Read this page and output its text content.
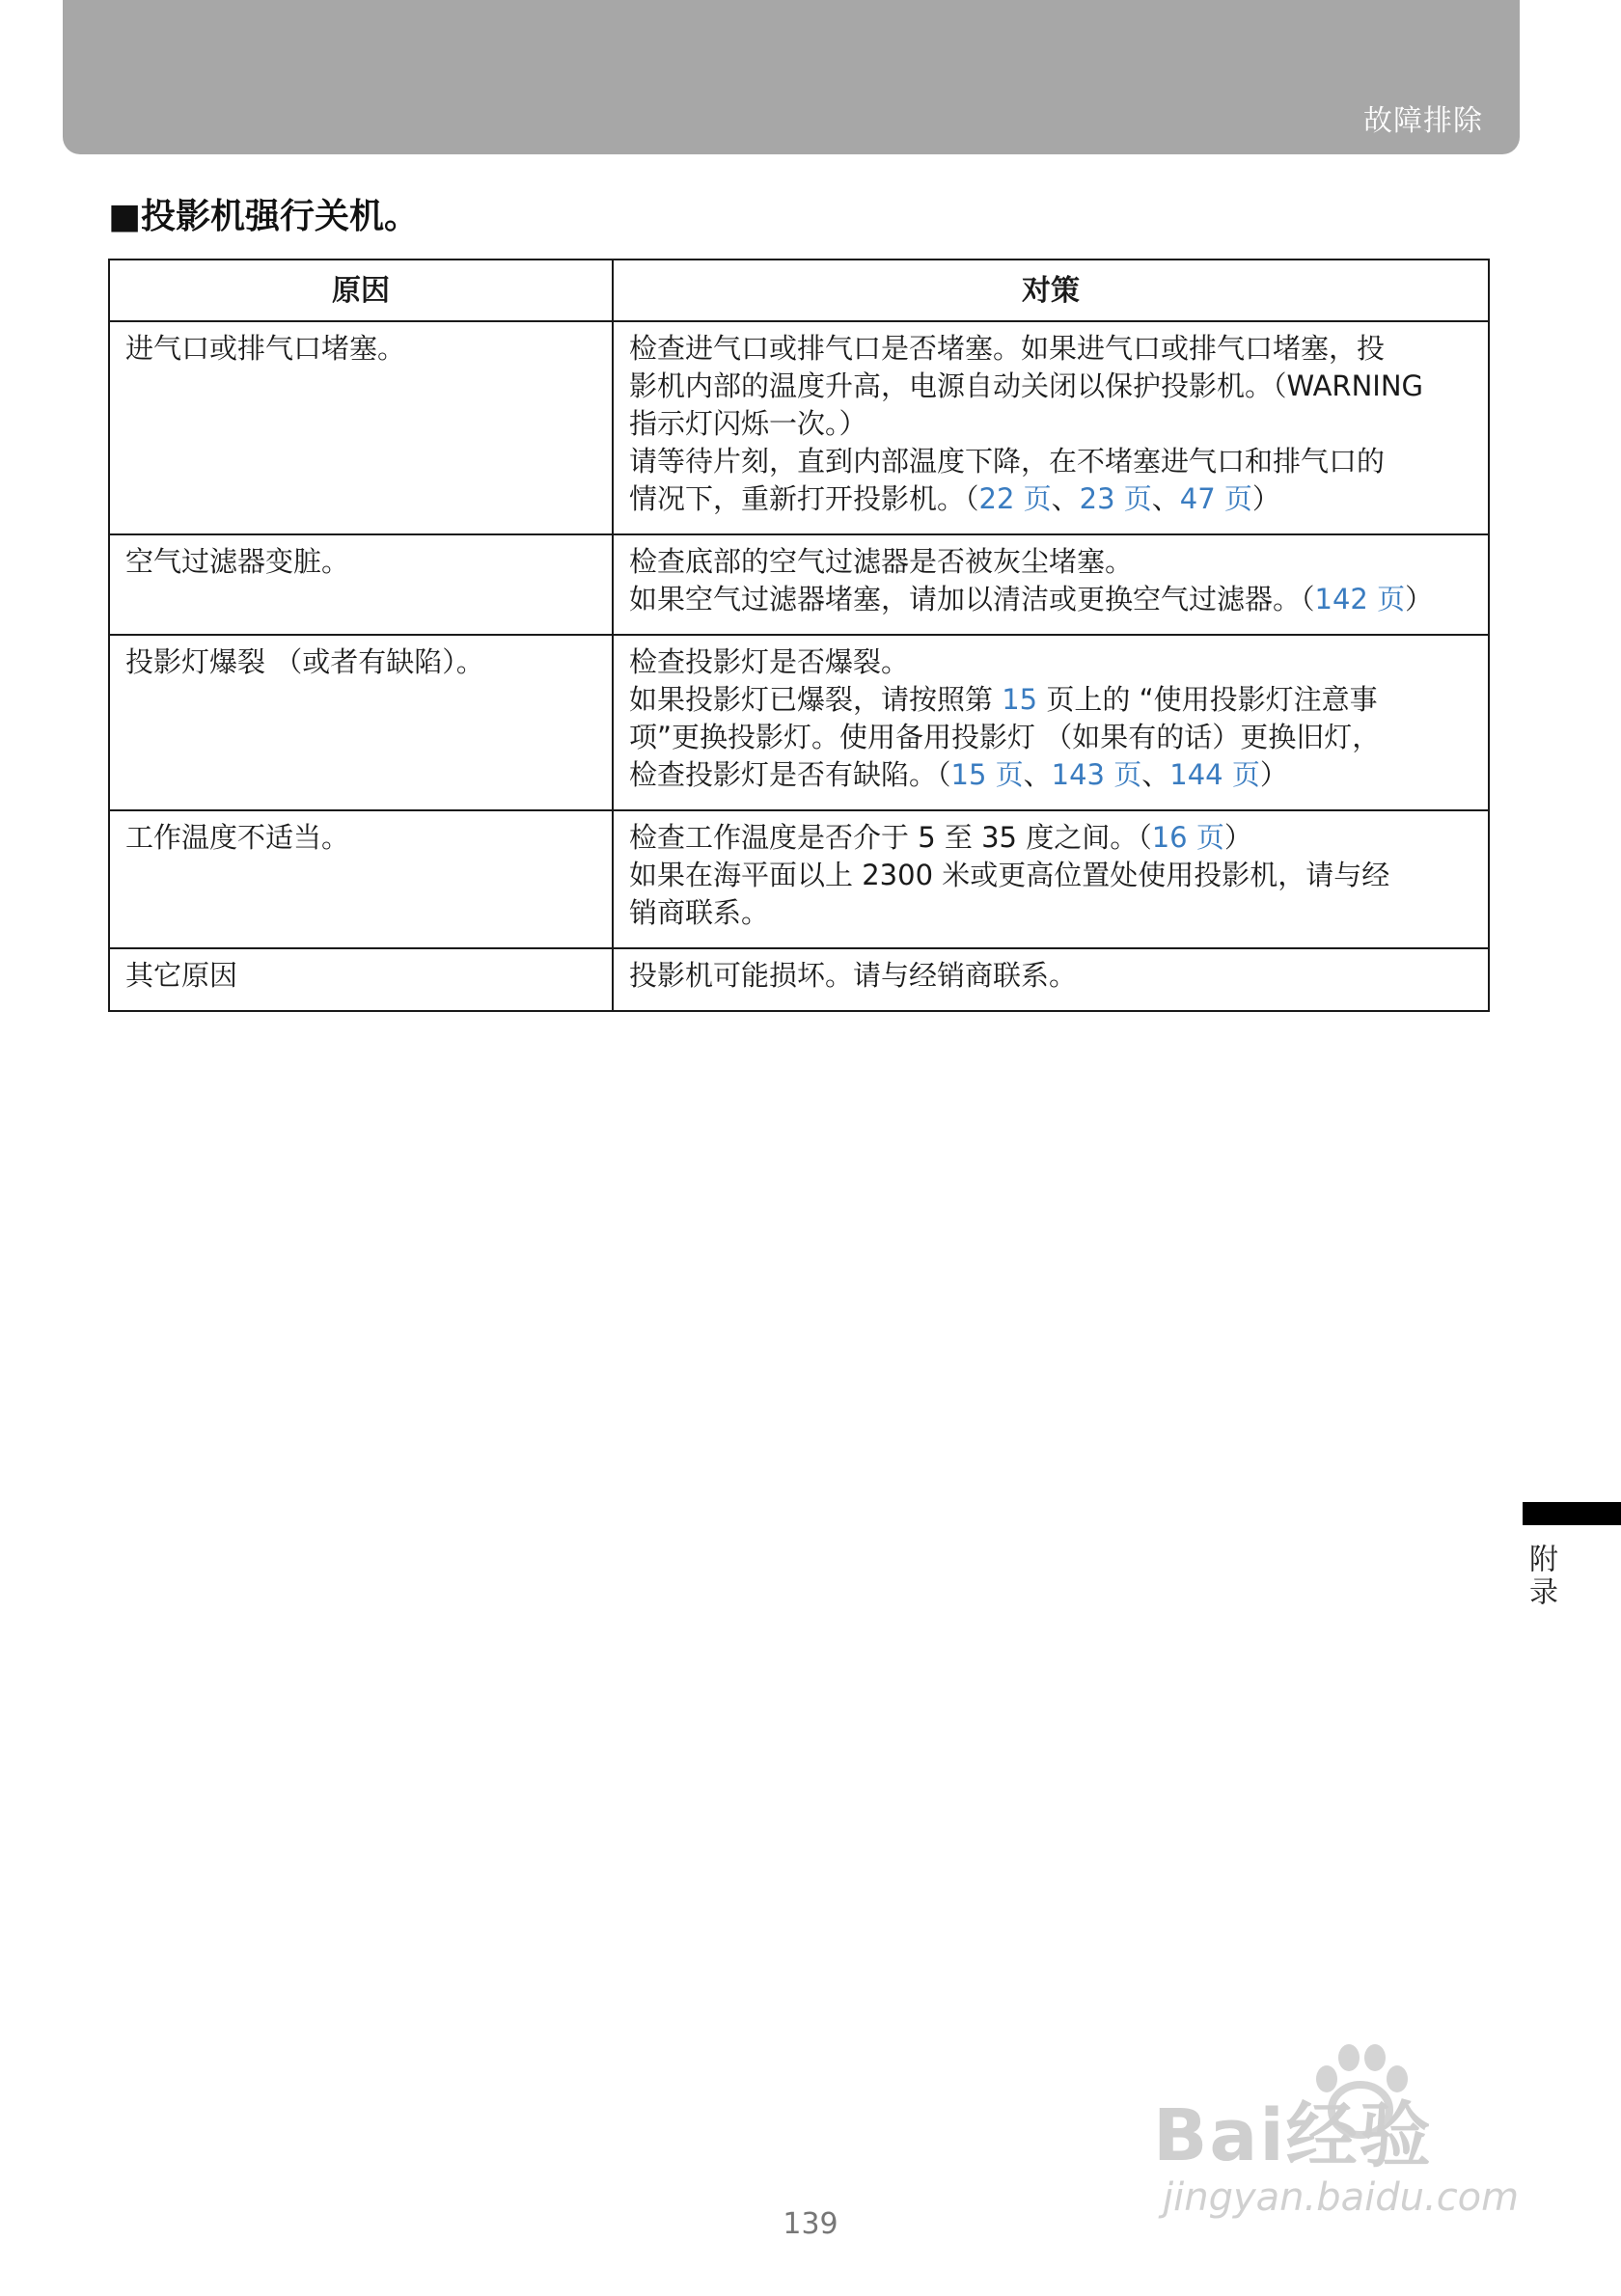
故障排除
■投影机强行关机。
原因	对策
进气口或排气口堵塞。	检查进气口或排气口是否堵塞。如果进气口或排气口堵塞，投
影机内部的温度升高，电源自动关闭以保护投影机。（WARNING
指示灯闪烁一次。）
请等待片刻，直到内部温度下降，在不堵塞进气口和排气口的
情况下，重新打开投影机。（22 页、23 页、47 页）

空气过滤器变脏。	检查底部的空气过滤器是否被灰尘堵塞。
如果空气过滤器堵塞，请加以清洁或更换空气过滤器。（142 页）

投影灯爆裂 （或者有缺陷）。	检查投影灯是否爆裂。
如果投影灯已爆裂，请按照第 15 页上的 “使用投影灯注意事
项”更换投影灯。使用备用投影灯 （如果有的话）更换旧灯，
检查投影灯是否有缺陷。（15 页、143 页、144 页）

工作温度不适当。	检查工作温度是否介于 5 至 35 度之间。（16 页）
如果在海平面以上 2300 米或更高位置处使用投影机，请与经
销商联系。

其它原因	投影机可能损坏。请与经销商联系。
附录
139
Bai经验
jingyan.baidu.com
